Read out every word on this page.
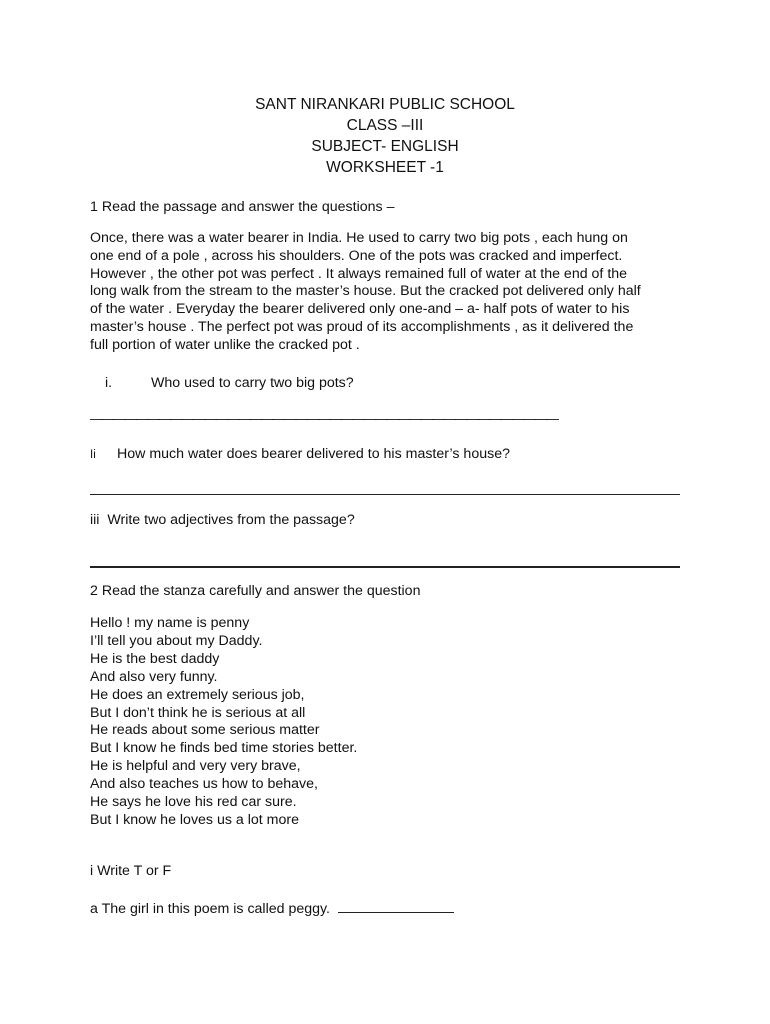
SANT NIRANKARI PUBLIC SCHOOL
CLASS –III
SUBJECT- ENGLISH
WORKSHEET -1
1 Read the passage and answer the questions –
Once, there was a water bearer in India. He used to carry two big pots , each hung on
one end of a pole , across his shoulders. One of the pots was cracked and imperfect.
However , the other pot was perfect . It always remained full of water at the end of the
long walk from the stream to the master’s house. But the cracked pot delivered only half
of the water . Everyday the bearer delivered only one-and – a- half pots of water to his
master’s house . The perfect pot was proud of its accomplishments , as it delivered the
full portion of water unlike the cracked pot .
i.	Who used to carry two big pots?
—————————————————————————————————————————
Ii How much water does bearer delivered to his master’s house?
iii Write two adjectives from the passage?
2 Read the stanza carefully and answer the question
Hello ! my name is penny
I’ll tell you about my Daddy.
He is the best daddy
And also very funny.
He does an extremely serious job,
But I don’t think he is serious at all
He reads about some serious matter
But I know he finds bed time stories better.
He is helpful and very very brave,
And also teaches us how to behave,
He says he love his red car sure.
But I know he loves us a lot more
i Write T or F
a The girl in this poem is called peggy.
